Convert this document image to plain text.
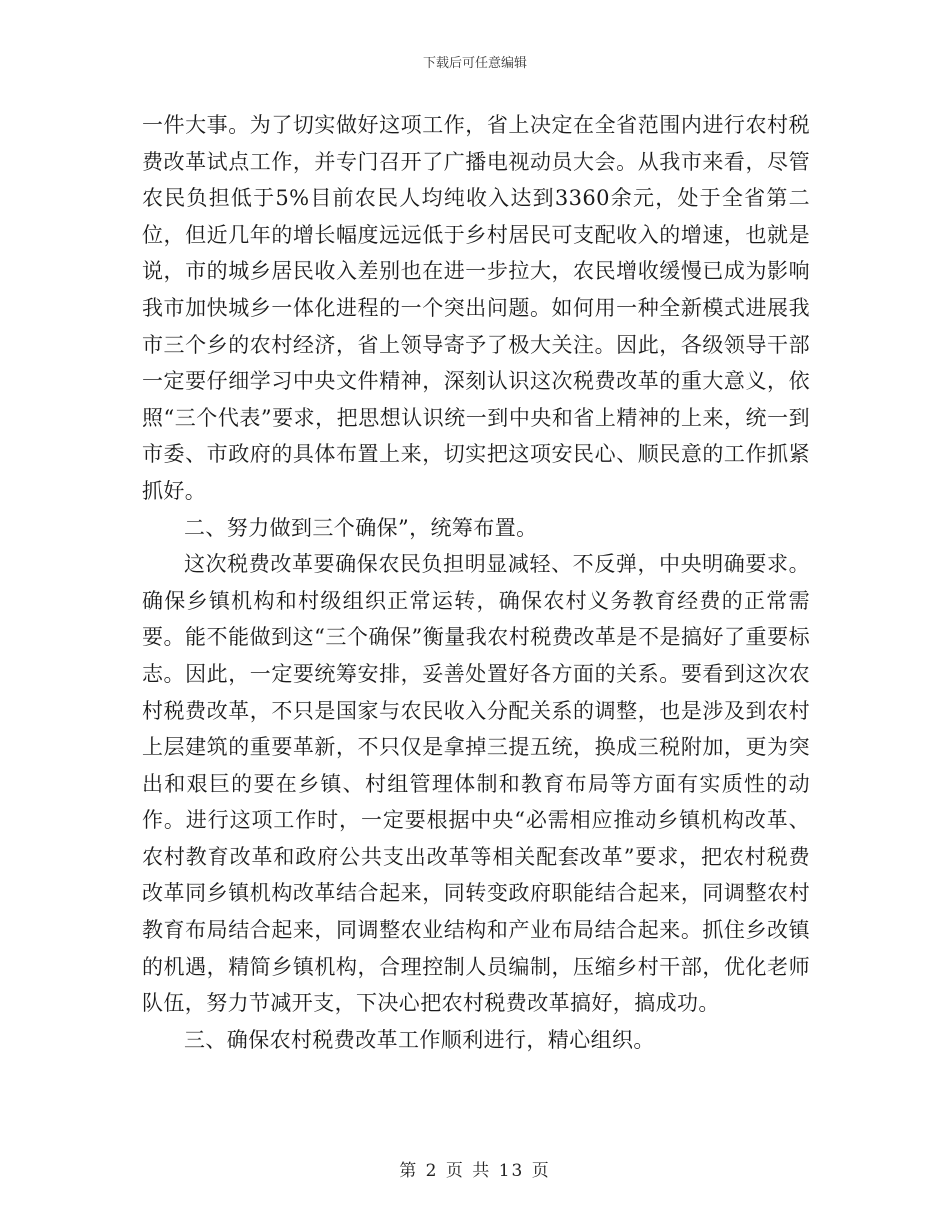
下载后可任意编辑

一件大事。为了切实做好这项工作，省上决定在全省范围内进行农村税费改革试点工作，并专门召开了广播电视动员大会。从我市来看，尽管农民负担低于5%目前农民人均纯收入达到3360余元，处于全省第二位，但近几年的增长幅度远远低于乡村居民可支配收入的增速，也就是说，市的城乡居民收入差别也在进一步拉大，农民增收缓慢已成为影响我市加快城乡一体化进程的一个突出问题。如何用一种全新模式进展我市三个乡的农村经济，省上领导寄予了极大关注。因此，各级领导干部一定要仔细学习中央文件精神，深刻认识这次税费改革的重大意义，依照“三个代表”要求，把思想认识统一到中央和省上精神的上来，统一到市委、市政府的具体布置上来，切实把这项安民心、顺民意的工作抓紧抓好。

二、努力做到三个确保”，统筹布置。

这次税费改革要确保农民负担明显减轻、不反弹，中央明确要求。确保乡镇机构和村级组织正常运转，确保农村义务教育经费的正常需要。能不能做到这“三个确保”衡量我农村税费改革是不是搞好了重要标志。因此，一定要统筹安排，妥善处置好各方面的关系。要看到这次农村税费改革，不只是国家与农民收入分配关系的调整，也是涉及到农村上层建筑的重要革新，不只仅是拿掉三提五统，换成三税附加，更为突出和艰巨的要在乡镇、村组管理体制和教育布局等方面有实质性的动作。进行这项工作时，一定要根据中央“必需相应推动乡镇机构改革、农村教育改革和政府公共支出改革等相关配套改革”要求，把农村税费改革同乡镇机构改革结合起来，同转变政府职能结合起来，同调整农村教育布局结合起来，同调整农业结构和产业布局结合起来。抓住乡改镇的机遇，精简乡镇机构，合理控制人员编制，压缩乡村干部，优化老师队伍，努力节减开支，下决心把农村税费改革搞好，搞成功。

三、确保农村税费改革工作顺利进行，精心组织。

第 2 页 共 13 页
